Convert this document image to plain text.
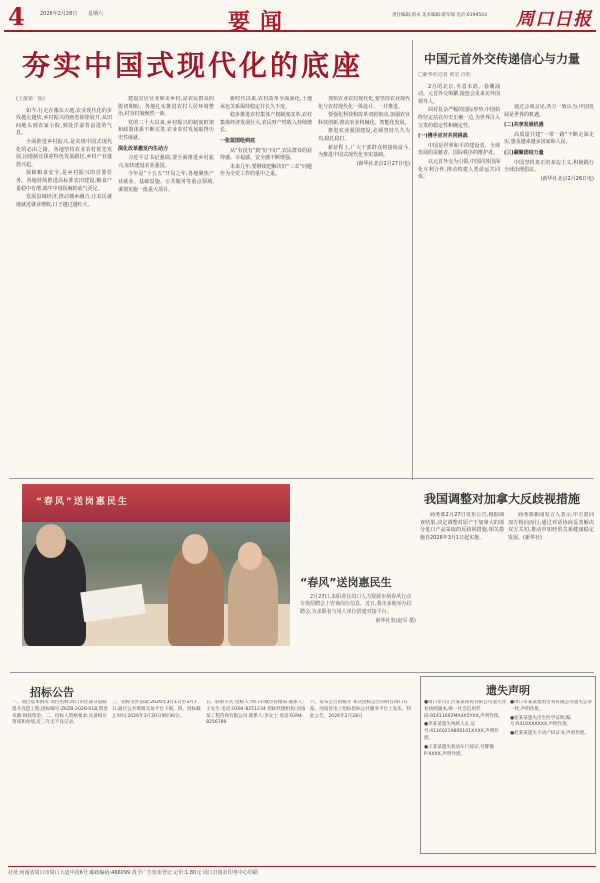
4	2026年2月28日 星期六	要闻	责任编辑:郭永 美术编辑:蔡军瑞 电话:6199503 周口日报
夯实中国式现代化的底座

(上接第一版)

如今,行走在豫东大地,农业现代化的步伐越走越快,乡村振兴的画卷徐徐展开,从田间地头到农家小院,到处洋溢着奋进的气息。

全面推进乡村振兴,是实现中国式现代化的必由之路。各地坚持农业农村优先发展,因地制宜探索特色发展路径,乡村产业蓬勃兴起。

保障粮食安全,是乡村振兴的首要任务。各地持续推进高标准农田建设,粮食产量稳中有增,端牢中国饭碗的底气更足。

发展县域经济,推动城乡融合,让农民就地就近就业增收,日子越过越红火。

建设宜居宜业和美乡村,是农民群众的殷切期盼。各地扎实推进农村人居环境整治,村容村貌焕然一新。

党的二十大以来,乡村振兴的制度框架和政策体系不断完善,农业农村发展取得历史性成就。

深化改革激发内生动力

习近平总书记强调,要全面推进乡村振兴,加快建设农业强国。

今年是“十五五”开局之年,各地聚焦产业就业、基础设施、公共服务等重点领域,谋划实施一批重大项目。

新时代以来,农村改革全面深化,土地承包关系保持稳定并长久不变。

稳步推进农村集体产权制度改革,农村集体经济发展壮大,农民财产性收入持续增长。

一张蓝图绘到底

从“有没有”到“好不好”,农民群众的获得感、幸福感、安全感不断增强。

未来几年,要继续把解决好“三农”问题作为全党工作的重中之重。

加快农业农村现代化,要坚持农业现代化与农村现代化一体设计、一并推进。

要强化科技和改革双轮驱动,加强农业科技创新,推动农业机械化、智能化发展。

推进农业强国建设,必须坚持久久为功,稳扎稳打。

新征程上,广大干部群众将接续奋斗,为推进中国式现代化夯实基础。

(新华社北京2月27日电)

中国元首外交传递信心与力量

□新华社记者 黄宏 冯松

2月的北京,冬意未消、春潮涌动。元首外交频繁,接连会见来访外国领导人。

面对复杂严峻的国际形势,中国始终坚定站在历史正确一边,为世界注入宝贵的稳定性和确定性。

(一)携手应对共同挑战

中国是世界和平的建设者、全球发展的贡献者、国际秩序的维护者。

以元首外交为引领,中国同各国深化互利合作,推动构建人类命运共同体。

通过会谈会见,各方一致认为,中国发展是世界的机遇。

(二)共享发展机遇

高质量共建“一带一路”不断走深走实,惠及越来越多国家和人民。

(三)凝聚团结力量

中国坚持真正的多边主义,积极践行全球治理倡议。

(新华社北京2月26日电)

“春风”送岗惠民生
“春风”送岗惠民生

2月27日,求职者在周口人力资源市场春风行动专场招聘会上咨询岗位信息。近日,我市多地举办招聘会,为求职者与用人单位搭建对接平台。

新华社发(赵军 摄)
我国调整对加拿大反歧视措施

商务部2月27日发布公告,根据调查结果,决定调整对原产于加拿大的部分进口产品采取的反歧视措施,相关措施自2026年3月1日起实施。

商务部新闻发言人表示,中方愿同加方相向而行,通过对话协商妥善解决双方关切,推动中加经贸关系健康稳定发展。(新华社)

招标公告

一、项目基本情况 项目名称:周口市区部分道路提升改造工程,招标编号:ZKZB-2026-018,资金来源:财政资金。二、投标人资格要求:具备相应资质和业绩,近三年无不良记录。

三、招标文件获取:2026年3月1日至3月7日,通过公共资源交易平台下载。四、投标截止时间:2026年3月20日9时30分。

五、联系方式 招标人:周口市城市管理局 联系人:王先生 电话:0394-8251234 招标代理机构:河南某工程咨询有限公司 联系人:李女士 电话:0394-8256789

六、发布公告的媒介 本次招标公告同时在周口日报、河南省电子招标投标公共服务平台上发布。特此公告。2026年2月28日

遗失声明

●周口市川汇区某某商贸有限公司遗失营业执照副本,统一社会信用代码:91411602MA4X5YXX,声明作废。

●李某某遗失残疾人证,证号:41160219800101XXXX,声明作废。

●王某某遗失机动车行驶证,号牌豫P·XXXX,声明作废。

●周口市某某建筑劳务有限公司遗失公章一枚,声明作废。

●张某某遗失出生医学证明,编号:R410XXXXXX,声明作废。

●赵某某遗失不动产权证书,声明作废。

社址:河南省周口市周口大道中段6号 邮政编码:466099 准予广告发布登记 定价:1.80元 周口日报社印务中心印刷
